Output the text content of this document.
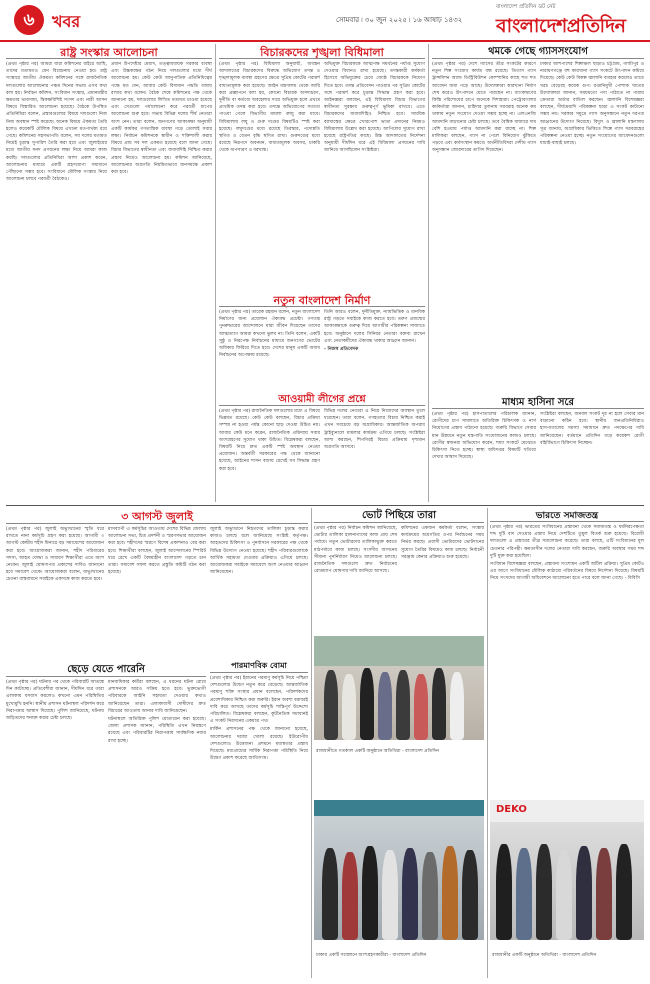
৬	খবর	সোমবার ৷ ৩০ জুন ২০২৫ ৷ ১৬ আষাঢ় ১৪৩২
বাংলাদেশ প্রতিদিন ডট নেট
বাংলাদেশপ্রতিদিন
রাষ্ট্র সংস্কার আলোচনা

(প্রথম পৃষ্ঠার পর) আমরা যারা কমিশনের বাইরে আছি, তাদের মতামতও যেন বিবেচনায় নেওয়া হয়। রাষ্ট্র সংস্কারে জাতীয় ঐকমত্য কমিশনের সঙ্গে রাজনৈতিক দলগুলোর আলোচনার পঞ্চম দিনের সভায় এসব কথা বলা হয়। নির্বাচন কমিশন, সংবিধান সংস্কার, প্রধানমন্ত্রীর ক্ষমতার ভারসাম্য, দ্বিকক্ষবিশিষ্ট সংসদ এবং নারী আসন বিষয়ে বিস্তারিত আলোচনা হয়েছে। বৈঠকে উপস্থিত প্রতিনিধিরা বলেন, প্রস্তাবগুলোর বিষয়ে দলগুলো নিজ নিজ অবস্থান স্পষ্ট করেছে। অনেক বিষয়ে ঐকমত্য তৈরি হলেও কয়েকটি মৌলিক বিষয়ে এখনো মতপার্থক্য রয়ে গেছে। কমিশনের সহসভাপতি বলেন, সব দলের মতামত নিয়েই চূড়ান্ত সুপারিশ তৈরি করা হবে এবং জুলাইয়ের মধ্যে জাতীয় সনদ প্রণয়নের লক্ষ্য নিয়ে আমরা কাজ করছি। দলগুলোর প্রতিনিধিরা আশা প্রকাশ করেন, আলোচনার মাধ্যমে একটি গ্রহণযোগ্য সমাধানে পৌঁছানো সম্ভব হবে। সংবিধানে মৌলিক সংস্কার নিয়ে আলোচনা চলবে পরবর্তী বৈঠকেও।

প্রধান উপদেষ্টার মেয়াদ, তত্ত্বাবধায়ক সরকার ব্যবস্থা এবং উচ্চকক্ষের গঠন নিয়ে দলগুলোর মধ্যে দীর্ঘ আলোচনা হয়। কেউ কেউ আনুপাতিক প্রতিনিধিত্বের পক্ষে মত দেন, আবার কেউ বিদ্যমান পদ্ধতি বজায় রাখার কথা বলেন। বৈঠক শেষে কমিশনের পক্ষ থেকে জানানো হয়, দলগুলোর লিখিত মতামত চাওয়া হয়েছে এবং সেগুলো পর্যালোচনা করে পরবর্তী ধাপের আলোচনা শুরু হবে। সভায় বিভিন্ন দলের শীর্ষ নেতারা অংশ নেন। তারা বলেন, জনগণের আকাঙ্ক্ষা অনুযায়ী একটি কার্যকর গণতান্ত্রিক ব্যবস্থা গড়ে তোলাই সবার লক্ষ্য। নির্বাচন কমিশনকে স্বাধীন ও শক্তিশালী করার বিষয়ে প্রায় সব দল একমত হয়েছে বলে জানা গেছে। বিচার বিভাগের স্বাধীনতা এবং জবাবদিহি নিশ্চিত করার প্রস্তাব নিয়েও আলোচনা হয়। কমিশন জানিয়েছে, আলোচনার অগ্রগতি নিয়মিতভাবে জনসমক্ষে প্রকাশ করা হবে।

বিচারকদের শৃঙ্খলা বিধিমালা

(প্রথম পৃষ্ঠার পর) বিধিমালা অনুযায়ী, অধস্তন আদালতের বিচারকদের বিরুদ্ধে অভিযোগ তদন্ত ও শৃঙ্খলামূলক ব্যবস্থা গ্রহণের ক্ষেত্রে সুপ্রিম কোর্টের পরামর্শ বাধ্যতামূলক করা হয়েছে। আইন মন্ত্রণালয় থেকে জারি করা প্রজ্ঞাপনে বলা হয়, কোনো বিচারক অসদাচরণ, দুর্নীতি বা কর্তব্যে অবহেলার দায়ে অভিযুক্ত হলে প্রথমে প্রাথমিক তদন্ত করা হবে। তদন্তে অভিযোগের সত্যতা পাওয়া গেলে বিভাগীয় মামলা রুজু করা যাবে। বিধিমালায় লঘু ও গুরু দণ্ডের বিষয়টিও স্পষ্ট করা হয়েছে। লঘুদণ্ডের মধ্যে রয়েছে তিরস্কার, পদোন্নতি স্থগিত ও বেতন বৃদ্ধি স্থগিত রাখা। গুরুদণ্ডের মধ্যে রয়েছে নিম্নপদে অবনমন, বাধ্যতামূলক অবসর, চাকরি থেকে অপসারণ ও বরখাস্ত।

অভিযুক্ত বিচারককে আত্মপক্ষ সমর্থনের পর্যাপ্ত সুযোগ দেওয়ার বিধানও রাখা হয়েছে। তদন্তকারী কর্মকর্তা হিসেবে অভিযুক্তের চেয়ে জ্যেষ্ঠ বিচারককে নিয়োগ দিতে হবে। তদন্ত প্রতিবেদন পাওয়ার পর সুপ্রিম কোর্টের সঙ্গে পরামর্শ করে চূড়ান্ত সিদ্ধান্ত গ্রহণ করা হবে। আইনজ্ঞরা বলছেন, এই বিধিমালা বিচার বিভাগের স্বাধীনতা সুরক্ষায় গুরুত্বপূর্ণ ভূমিকা রাখবে। এতে বিচারকদের জবাবদিহিও নিশ্চিত হবে। সাময়িক বরখাস্তের ক্ষেত্রে খোরপোশ ভাতা প্রদানের নিয়মও বিধিমালায় উল্লেখ করা হয়েছে। আপিলের সুযোগ রাখা হয়েছে রাষ্ট্রপতির কাছে। উচ্চ আদালতের নির্দেশনা অনুযায়ী দীর্ঘদিন ধরে এই বিধিমালা প্রণয়নের দাবি জানিয়ে আসছিলেন সংশ্লিষ্টরা।

থমকে গেছে গ্যাসসংযোগ

(প্রথম পৃষ্ঠার পর) দেশে গ্যাসের তীব্র সংকটের কারণে নতুন শিল্প সংযোগ কার্যত বন্ধ রয়েছে। তিতাস গ্যাস ট্রান্সমিশন অ্যান্ড ডিস্ট্রিবিউশন কোম্পানির কাছে শত শত আবেদন জমা পড়ে আছে। উদ্যোক্তারা কারখানা নির্মাণ শেষ করেও উৎপাদনে যেতে পারছেন না। ব্যাংকঋণের কিস্তি পরিশোধের চাপে অনেকে দিশাহারা। পেট্রোবাংলার কর্মকর্তারা জানান, চাহিদার তুলনায় সরবরাহ অনেক কম থাকায় নতুন সংযোগ দেওয়া সম্ভব হচ্ছে না। এলএনজি আমদানি বাড়ানোর চেষ্টা চলছে। তবে বৈশ্বিক বাজারে দাম বেশি হওয়ায় পর্যাপ্ত আমদানি করা যাচ্ছে না। শিল্প মালিকরা বলছেন, গ্যাস না পেলে বিনিয়োগ ঝুঁকিতে পড়বে এবং কর্মসংস্থান কমবে। অর্থনীতিবিদরা দেশীয় গ্যাস অনুসন্ধান জোরদারের তাগিদ দিয়েছেন।

ঢাকার আশপাশের শিল্পাঞ্চল ছাড়াও চট্টগ্রাম, গাজীপুর ও নারায়ণগঞ্জে বহু কারখানা গ্যাস সংকটে উৎপাদন কমিয়ে দিয়েছে। কেউ কেউ বিকল্প জ্বালানি ব্যবহার করলেও তাতে খরচ বেড়েছে কয়েক গুণ। রপ্তানিমুখী পোশাক খাতের উদ্যোক্তারা জানান, সময়মতো পণ্য পাঠাতে না পারায় ক্রেতারা অর্ডার বাতিল করছেন। জ্বালানি বিশেষজ্ঞরা বলছেন, দীর্ঘমেয়াদি পরিকল্পনা ছাড়া এ সংকট কাটানো সম্ভব নয়। সরকার সমুদ্রে গ্যাস অনুসন্ধানে নতুন দরপত্র আহ্বানের উদ্যোগ নিয়েছে। বিদ্যুৎ ও জ্বালানি মন্ত্রণালয় সূত্র জানায়, অগ্রাধিকার ভিত্তিতে শিল্পে গ্যাস সরবরাহের পরিকল্পনা নেওয়া হচ্ছে। নতুন সংযোগের আবেদনগুলো যাচাই-বাছাই চলছে।

নতুন বাংলাদেশ নির্মাণ

(প্রথম পৃষ্ঠার পর) তারেক রহমান বলেন, নতুন বাংলাদেশ নির্মাণের জন্য প্রয়োজন ঐক্যবদ্ধ প্রচেষ্টা। গণতন্ত্র পুনরুদ্ধারের আন্দোলনে যারা জীবন দিয়েছেন তাদের আত্মত্যাগ আমরা কখনো ভুলব না। তিনি বলেন, একটি সুষ্ঠু ও নিরপেক্ষ নির্বাচনের মাধ্যমে জনগণের ভোটের অধিকার ফিরিয়ে দিতে হবে। দেশের মানুষ একটি অবাধ নির্বাচনের অপেক্ষায় রয়েছে।

তিনি আরও বলেন, দুর্নীতিমুক্ত, ন্যায়ভিত্তিক ও মানবিক রাষ্ট্র গড়তে সবাইকে কাজ করতে হবে। তরুণ প্রজন্মের আকাঙ্ক্ষাকে গুরুত্ব দিয়ে আগামীর পরিকল্পনা সাজাতে হবে। অনুষ্ঠানে দলের সিনিয়র নেতারা বক্তব্য রাখেন এবং নেতাকর্মীদের ঐক্যবদ্ধ থাকার আহ্বান জানান।

- নিজস্ব প্রতিবেদক

আওয়ামী লীগের প্রশ্নে

(প্রথম পৃষ্ঠার পর) রাজনৈতিক দলগুলোর মধ্যে এ বিষয়ে ভিন্নমত রয়েছে। কেউ কেউ বলছেন, বিচার প্রক্রিয়া সম্পন্ন না হওয়া পর্যন্ত কোনো ছাড় দেওয়া উচিত নয়। আবার কেউ মনে করেন, রাজনৈতিক প্রক্রিয়ায় সবার অংশগ্রহণের সুযোগ থাকা উচিত। বিশ্লেষকরা বলছেন, বিষয়টি নিয়ে দ্রুত একটি স্পষ্ট অবস্থান নেওয়া প্রয়োজন। অন্তর্বর্তী সরকারের পক্ষ থেকে জানানো হয়েছে, আইনের শাসন বজায় রেখেই সব সিদ্ধান্ত গ্রহণ করা হবে।

বিভিন্ন দলের নেতারা এ নিয়ে নিজেদের অবস্থান তুলে ধরেছেন। তারা বলেন, গণহত্যার বিচার নিশ্চিত করাই এখন সবচেয়ে বড় অগ্রাধিকার। আন্তর্জাতিক অপরাধ ট্রাইব্যুনালে মামলার কার্যক্রম এগিয়ে চলছে। সংশ্লিষ্টরা আশা করছেন, শিগগিরই বিচার প্রক্রিয়ায় দৃশ্যমান অগ্রগতি আসবে।

মাধ্যম হাসিনা সরে

(প্রথম পৃষ্ঠার পর) হাসপাতালের পরিচালক জানান, রোগীদের চাপ সামলাতে অতিরিক্ত চিকিৎসক ও নার্স নিয়োগের প্রস্তাব পাঠানো হয়েছে। জরুরি বিভাগে সেবার মান উন্নয়নে নতুন যন্ত্রপাতি সংযোজনের কাজও চলছে। রোগীর স্বজনরা অভিযোগ করেন, শয্যা সংকটে মেঝেতে চিকিৎসা নিতে হচ্ছে। স্বাস্থ্য অধিদপ্তর বিষয়টি খতিয়ে দেখার আশ্বাস দিয়েছে।

সংশ্লিষ্টরা বলছেন, জনবল সংকট দূর না হলে সেবার মান বাড়ানো কঠিন হবে। স্থানীয় জনপ্রতিনিধিরাও হাসপাতালের সমস্যা সমাধানে দ্রুত পদক্ষেপের দাবি জানিয়েছেন। বর্তমানে প্রতিদিন গড়ে কয়েকশ রোগী বহির্বিভাগে চিকিৎসা নিচ্ছেন।

৩ আগস্ট জুলাই

(প্রথম পৃষ্ঠার পর) জুলাই অভ্যুত্থানের স্মৃতি ধরে রাখতে নানা কর্মসূচি গ্রহণ করা হয়েছে। আগামী ৩ আগস্ট কেন্দ্রীয় শহীদ মিনারে বড় সমাবেশের আয়োজন করা হবে। আয়োজকরা জানান, শহীদ পরিবারের সদস্য, আহত যোদ্ধা ও সাধারণ শিক্ষার্থীরা এতে অংশ নেবেন। জুলাই ঘোষণাপত্র প্রকাশের দাবিও জানানো হবে সমাবেশ থেকে। আয়োজকরা বলেন, অভ্যুত্থানের চেতনা বাস্তবায়নে সবাইকে একসঙ্গে কাজ করতে হবে।

মাসব্যাপী এ কর্মসূচির আওতায় দেশের বিভিন্ন জেলায় আলোচনা সভা, চিত্র প্রদর্শনী ও স্মরণসভার আয়োজন করা হবে। শহীদদের স্মরণে বিশেষ প্রকাশনাও বের করা হবে। শিক্ষার্থীরা বলছেন, জুলাই আন্দোলনের স্পিরিট ধরে রেখে একটি বৈষম্যহীন বাংলাদেশ গড়তে চান তারা। সমাবেশ সফল করতে প্রস্তুতি কমিটি গঠন করা হয়েছে।

জুলাই অভ্যুত্থানে নিহতদের তালিকা চূড়ান্ত করার কাজও চলছে বলে জানিয়েছে সংশ্লিষ্ট কর্তৃপক্ষ। আহতদের চিকিৎসা ও পুনর্বাসনে সরকারের পক্ষ থেকে বিভিন্ন উদ্যোগ নেওয়া হয়েছে। শহীদ পরিবারগুলোকে আর্থিক সহায়তা দেওয়ার প্রক্রিয়াও এগিয়ে চলছে। আয়োজকরা সবাইকে সমাবেশে অংশ নেওয়ার আহ্বান জানিয়েছেন।

ছেড়ে যেতে পারেনি

(প্রথম পৃষ্ঠার পর) ঘটনার পর থেকে পরিবারটি আতঙ্কে দিন কাটাচ্ছে। প্রতিবেশীরা জানান, দীর্ঘদিন ধরে তারা এলাকায় বসবাস করলেও কখনো এমন পরিস্থিতির মুখোমুখি হননি। স্থানীয় প্রশাসন ঘটনাস্থল পরিদর্শন করে নিরাপত্তার আশ্বাস দিয়েছে। পুলিশ জানিয়েছে, ঘটনায় জড়িতদের শনাক্ত করার চেষ্টা চলছে।

মানবাধিকার কর্মীরা বলছেন, এ ধরনের ঘটনা রোধে প্রশাসনকে আরও সক্রিয় হতে হবে। ভুক্তভোগী পরিবারকে আইনি সহায়তা দেওয়ার কথাও জানিয়েছেন তারা। এলাকাবাসী দোষীদের দ্রুত বিচারের আওতায় আনার দাবি জানিয়েছেন।

ঘটনাস্থলে অতিরিক্ত পুলিশ মোতায়েন করা হয়েছে। জেলা প্রশাসক জানান, পরিস্থিতি এখন নিয়ন্ত্রণে রয়েছে এবং পরিবারটির নিরাপত্তায় সার্বক্ষণিক নজর রাখা হচ্ছে।

পারমাণবিক বোমা

(প্রথম পৃষ্ঠার পর) ইরানের পরমাণু কর্মসূচি নিয়ে পশ্চিমা দেশগুলোর উদ্বেগ নতুন করে বেড়েছে। আন্তর্জাতিক পরমাণু শক্তি সংস্থার প্রধান বলেছেন, পরিদর্শকদের প্রবেশাধিকার নিশ্চিত করা জরুরি। ইরান অবশ্য বরাবরই দাবি করে আসছে তাদের কর্মসূচি শান্তিপূর্ণ উদ্দেশ্যে পরিচালিত। বিশ্লেষকরা বলছেন, কূটনৈতিক সমাধানই এ সংকট নিরসনের একমাত্র পথ।

মার্কিন প্রশাসনের পক্ষ থেকে জানানো হয়েছে, আলোচনার দরজা খোলা রয়েছে। ইউরোপীয় দেশগুলোও উত্তেজনা প্রশমনে মধ্যস্থতার প্রস্তাব দিয়েছে। মধ্যপ্রাচ্যের সার্বিক নিরাপত্তা পরিস্থিতি নিয়ে উদ্বেগ প্রকাশ করেছে জাতিসংঘ।

ভোট পিছিয়ে তারা

(প্রথম পৃষ্ঠার পর) নির্বাচন কমিশন জানিয়েছে, ভোটার তালিকা হালনাগাদের কাজ প্রায় শেষ পর্যায়ে। নতুন ভোটারদের তালিকাভুক্ত করতে মাঠপর্যায়ে কাজ চলছে। সংসদীয় আসনের সীমানা পুনর্নির্ধারণ নিয়েও আলোচনা চলছে। রাজনৈতিক দলগুলো দ্রুত নির্বাচনের রোডম্যাপ ঘোষণার দাবি জানিয়ে আসছে।

কমিশনের একজন কর্মকর্তা বলেন, সংস্কার কার্যক্রমের অগ্রগতির ওপর নির্বাচনের সময় নির্ভর করছে। প্রবাসী ভোটারদের ভোটদানের সুযোগ তৈরির বিষয়েও কাজ চলছে। নির্বাচনী সরঞ্জাম কেনার প্রক্রিয়াও শুরু হয়েছে।

ভারতে সমাজতন্ত্র

(প্রথম পৃষ্ঠার পর) ভারতের সংবিধানের প্রস্তাবনা থেকে সমাজতন্ত্র ও ধর্মনিরপেক্ষতা শব্দ দুটি বাদ দেওয়ার প্রস্তাব নিয়ে দেশটিতে তুমুল বিতর্ক শুরু হয়েছে। বিরোধী দলগুলো এ প্রস্তাবের তীব্র সমালোচনা করেছে। তারা বলছে, এটি সংবিধানের মূল চেতনার পরিপন্থী। ক্ষমতাসীন দলের নেতারা দাবি করছেন, জরুরি অবস্থার সময় শব্দ দুটি যুক্ত করা হয়েছিল।

সংবিধান বিশেষজ্ঞরা বলছেন, প্রস্তাবনা সংশোধন একটি জটিল প্রক্রিয়া। সুপ্রিম কোর্টও এর আগে সংবিধানের মৌলিক কাঠামো পরিবর্তনের বিষয়ে নির্দেশনা দিয়েছে। বিষয়টি নিয়ে সংসদের আগামী অধিবেশনে আলোচনা হতে পারে বলে জানা গেছে। - বিবিসি

রাজধানীতে গতকাল একটি অনুষ্ঠানে অতিথিরা - বাংলাদেশ প্রতিদিন
ঢাকায় একটি সম্মেলনে অংশগ্রহণকারীরা - বাংলাদেশ প্রতিদিন
DEKO
রাজধানীর একটি অনুষ্ঠানে অতিথিরা - বাংলাদেশ প্রতিদিন
